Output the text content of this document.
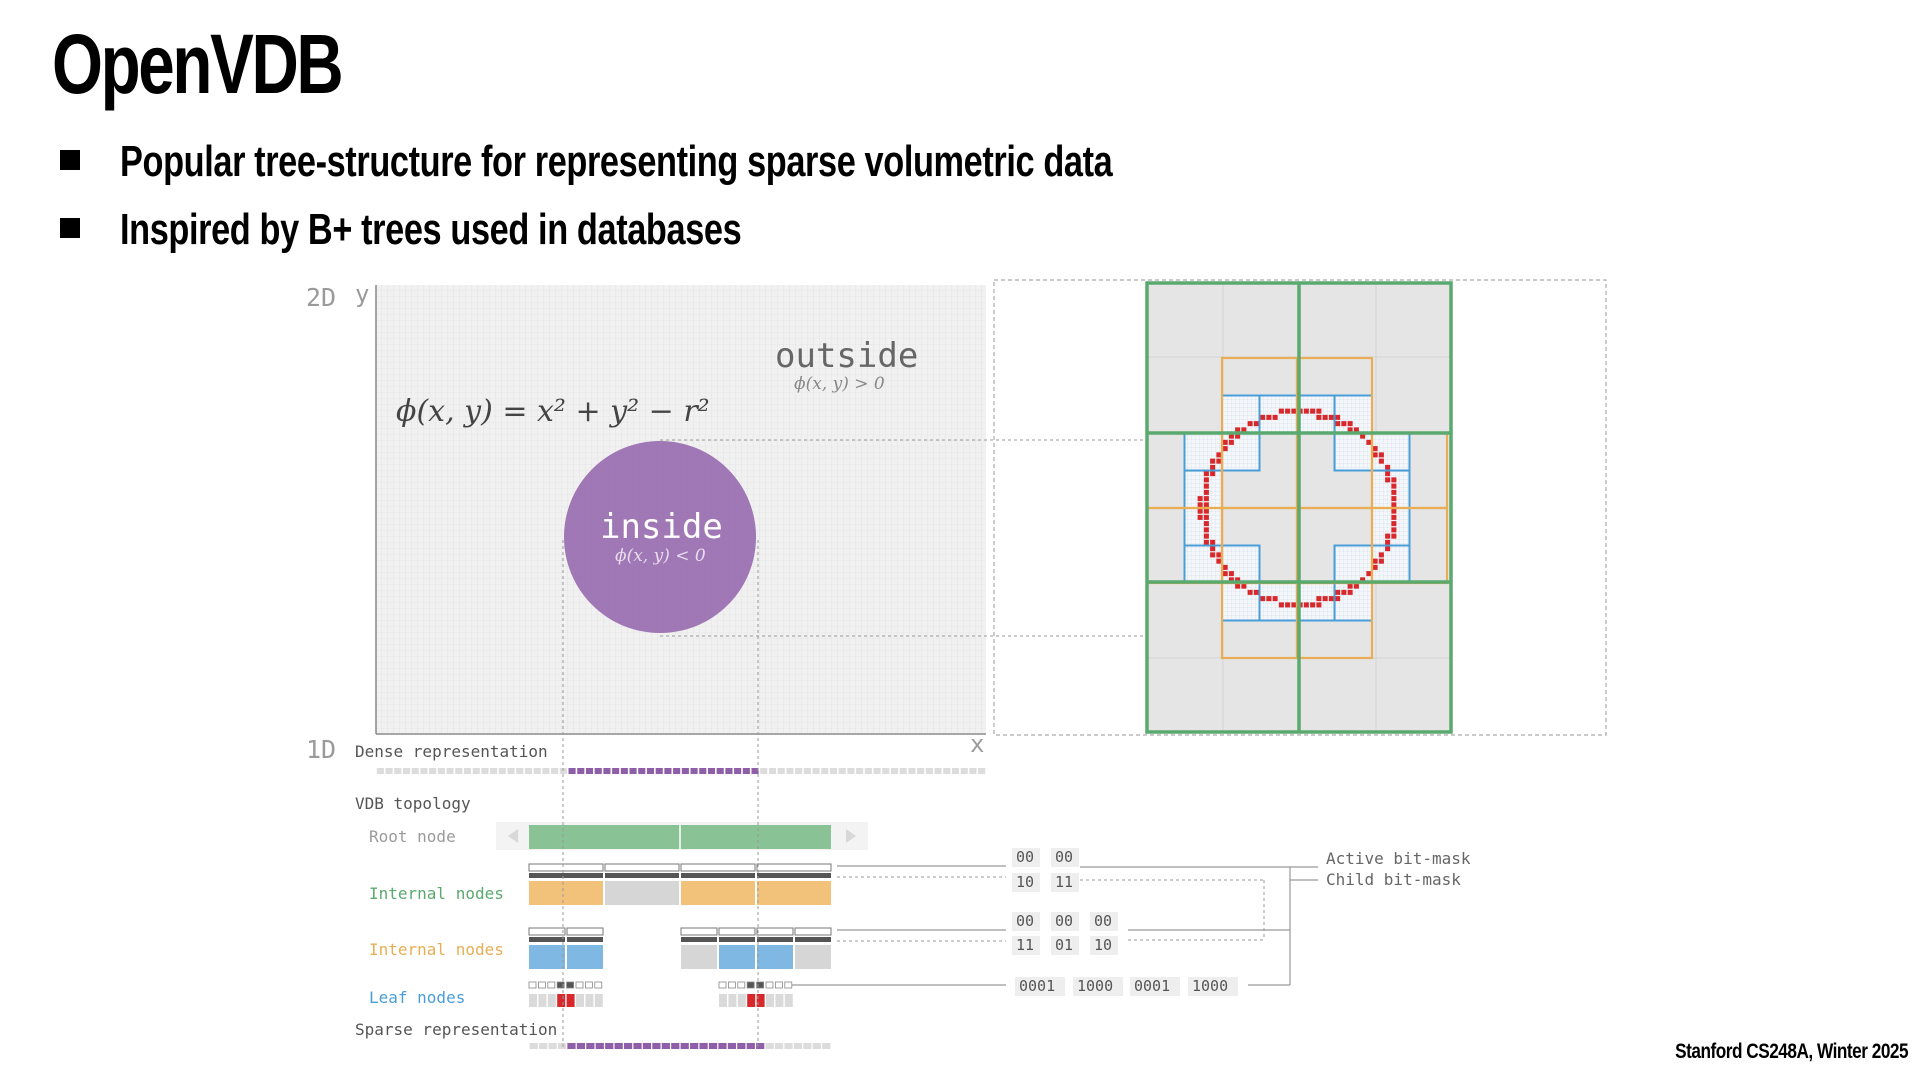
OpenVDB
Popular tree-structure for representing sparse volumetric data
Inspired by B+ trees used in databases
2D y
x
ϕ(x, y) = x² + y² − r²
outside
ϕ(x, y) > 0
inside
ϕ(x, y) < 0
1D Dense representation
VDB topology
Root node
Internal nodes
Internal nodes
Leaf nodes
Sparse representation
00 00
10 11
00 00 00
11 01 10
0001 1000 0001 1000
Active bit-mask
Child bit-mask
Stanford CS248A, Winter 2025
